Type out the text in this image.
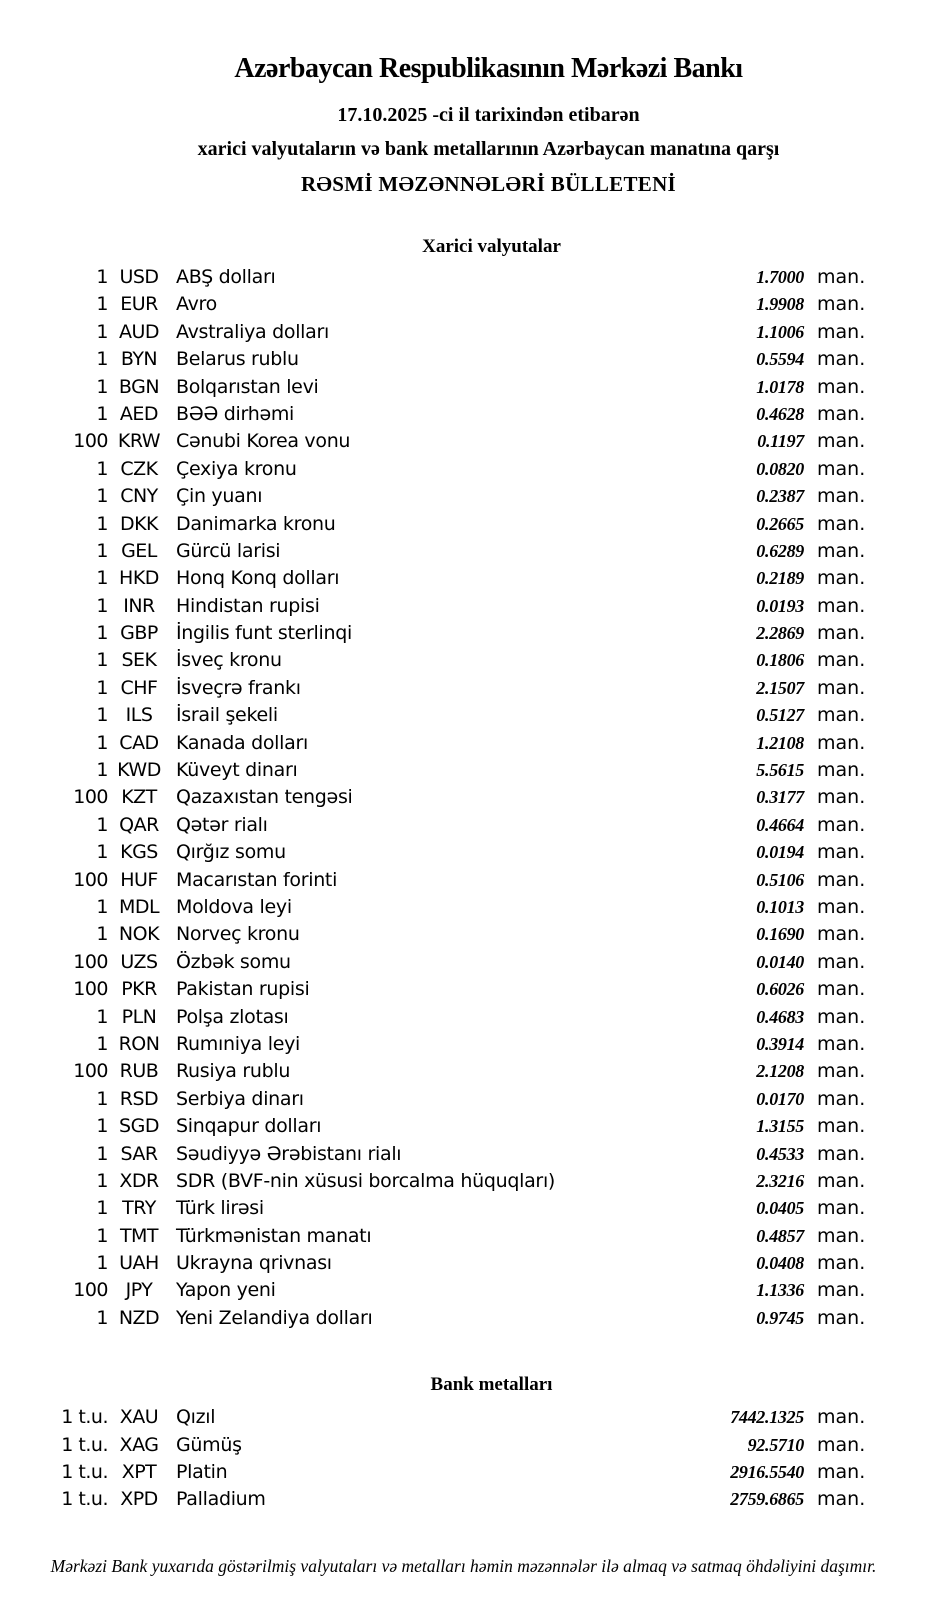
Azərbaycan Respublikasının Mərkəzi Bankı
17.10.2025 -ci il tarixindən etibarən
xarici valyutaların və bank metallarının Azərbaycan manatına qarşı
RƏSMİ MƏZƏNNƏLƏRİ BÜLLETENİ
Xarici valyutalar
1 USD ABŞ dolları	1.7000 man.
1 EUR Avro	1.9908 man.
1 AUD Avstraliya dolları	1.1006 man.
1 BYN Belarus rublu	0.5594 man.
1 BGN Bolqarıstan levi	1.0178 man.
1 AED BƏƏ dirhəmi	0.4628 man.
100 KRW Cənubi Korea vonu	0.1197 man.
1 CZK Çexiya kronu	0.0820 man.
1 CNY Çin yuanı	0.2387 man.
1 DKK Danimarka kronu	0.2665 man.
1 GEL	Gürcü larisi	0.6289 man.
1 HKD Honq Konq dolları	0.2189 man.
1 INR	Hindistan rupisi	0.0193 man.
1 GBP İngilis funt sterlinqi	2.2869 man.
1 SEK	İsveç kronu	0.1806 man.
1 CHF İsveçrə frankı	2.1507 man.
1 ILS	İsrail şekeli	0.5127 man.
1 CAD Kanada dolları	1.2108 man.
1 KWD Küveyt dinarı	5.5615 man.
100 KZT	Qazaxıstan tengəsi	0.3177 man.
1 QAR Qətər rialı	0.4664 man.
1 KGS Qırğız somu	0.0194 man.
100 HUF Macarıstan forinti	0.5106 man.
1 MDL Moldova leyi	0.1013 man.
1 NOK Norveç kronu	0.1690 man.
100 UZS Özbək somu	0.0140 man.
100 PKR	Pakistan rupisi	0.6026 man.
1 PLN	Polşa zlotası	0.4683 man.
1 RON Rumıniya leyi	0.3914 man.
100 RUB Rusiya rublu	2.1208 man.
1 RSD Serbiya dinarı	0.0170 man.
1 SGD Sinqapur dolları	1.3155 man.
1 SAR Səudiyyə Ərəbistanı rialı	0.4533 man.
1 XDR SDR (BVF-nin xüsusi borcalma hüquqları)	2.3216 man.
1 TRY	Türk lirəsi	0.0405 man.
1 TMT Türkmənistan manatı	0.4857 man.
1 UAH Ukrayna qrivnası	0.0408 man.
100 JPY	Yapon yeni	1.1336 man.
1 NZD Yeni Zelandiya dolları	0.9745 man.
Bank metalları
1 t.u. XAU Qızıl	7442.1325 man.
1 t.u. XAG Gümüş	92.5710 man.
1 t.u. XPT	Platin	2916.5540 man.
1 t.u. XPD Palladium	2759.6865 man.
Mərkəzi Bank yuxarıda göstərilmiş valyutaları və metalları həmin məzənnələr ilə almaq və satmaq öhdəliyini daşımır.
